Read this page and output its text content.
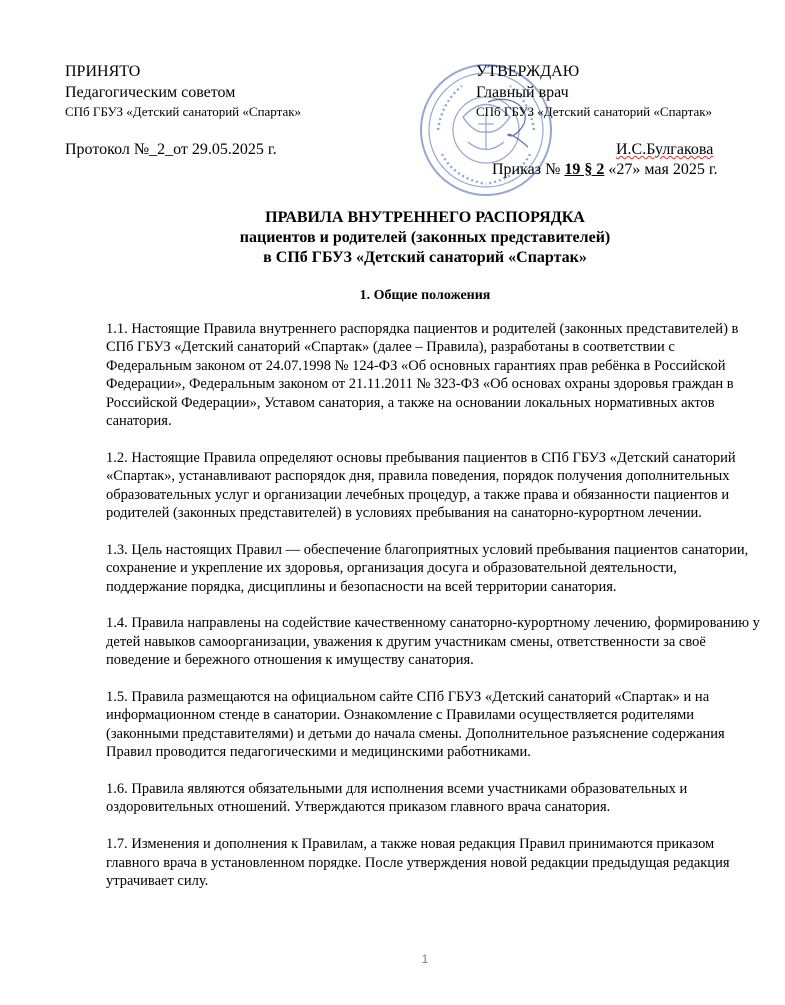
ПРИНЯТО
Педагогическим советом
СПб ГБУЗ «Детский санаторий «Спартак»
Протокол №_2_от 29.05.2025 г.
УТВЕРЖДАЮ
Главный врач
СПб ГБУЗ «Детский санаторий «Спартак»
И.С.Булгакова
Приказ № 19 § 2 «27» мая 2025 г.
ПРАВИЛА ВНУТРЕННЕГО РАСПОРЯДКА
пациентов и родителей (законных представителей)
в СПб ГБУЗ «Детский санаторий «Спартак»
1. Общие положения

1.1. Настоящие Правила внутреннего распорядка пациентов и родителей (законных представителей) в СПб ГБУЗ «Детский санаторий «Спартак» (далее – Правила), разработаны в соответствии с Федеральным законом от 24.07.1998 № 124-ФЗ «Об основных гарантиях прав ребёнка в Российской Федерации», Федеральным законом от 21.11.2011 № 323-ФЗ «Об основах охраны здоровья граждан в Российской Федерации», Уставом санатория, а также на основании локальных нормативных актов санатория.

1.2. Настоящие Правила определяют основы пребывания пациентов в СПб ГБУЗ «Детский санаторий «Спартак», устанавливают распорядок дня, правила поведения, порядок получения дополнительных образовательных услуг и организации лечебных процедур, а также права и обязанности пациентов и родителей (законных представителей) в условиях пребывания на санаторно-курортном лечении.

1.3. Цель настоящих Правил — обеспечение благоприятных условий пребывания пациентов санатории, сохранение и укрепление их здоровья, организация досуга и образовательной деятельности, поддержание порядка, дисциплины и безопасности на всей территории санатория.

1.4. Правила направлены на содействие качественному санаторно-курортному лечению, формированию у детей навыков самоорганизации, уважения к другим участникам смены, ответственности за своё поведение и бережного отношения к имуществу санатория.

1.5. Правила размещаются на официальном сайте СПб ГБУЗ «Детский санаторий «Спартак» и на информационном стенде в санатории. Ознакомление с Правилами осуществляется родителями (законными представителями) и детьми до начала смены. Дополнительное разъяснение содержания Правил проводится педагогическими и медицинскими работниками.

1.6. Правила являются обязательными для исполнения всеми участниками образовательных и оздоровительных отношений. Утверждаются приказом главного врача санатория.

1.7. Изменения и дополнения к Правилам, а также новая редакция Правил принимаются приказом главного врача в установленном порядке. После утверждения новой редакции предыдущая редакция утрачивает силу.

1
